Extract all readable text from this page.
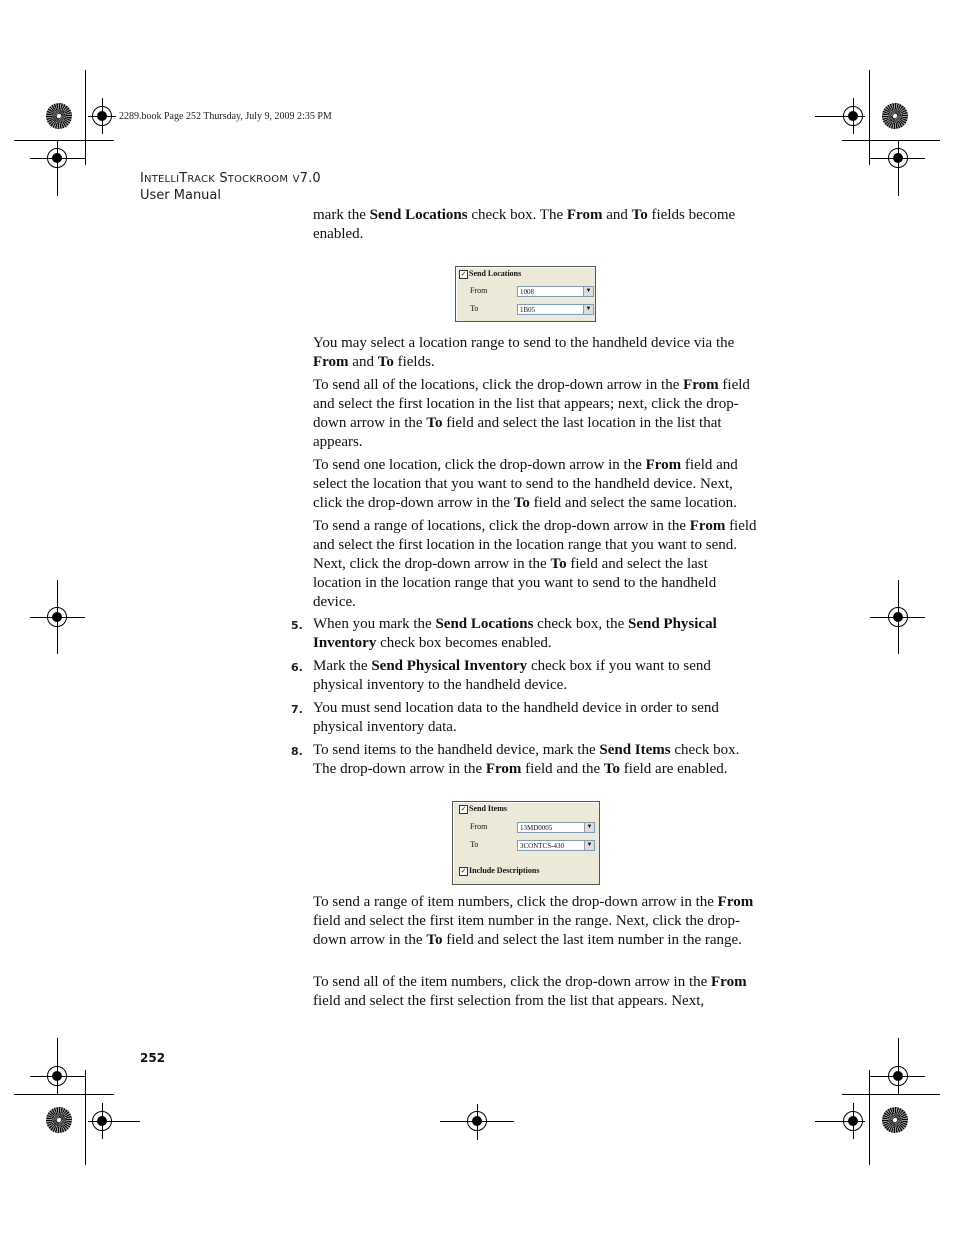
2289.book Page 252 Thursday, July 9, 2009 2:35 PM
INTELLITRACK STOCKROOM V7.0
User Manual
mark the Send Locations check box. The From and To fields become enabled.
✓ Send Locations
From	1008	▼
To	1B05	▼
You may select a location range to send to the handheld device via the From and To fields.
To send all of the locations, click the drop-down arrow in the From field and select the first location in the list that appears; next, click the drop-down arrow in the To field and select the last location in the list that appears.
To send one location, click the drop-down arrow in the From field and select the location that you want to send to the handheld device. Next, click the drop-down arrow in the To field and select the same location.
To send a range of locations, click the drop-down arrow in the From field and select the first location in the location range that you want to send. Next, click the drop-down arrow in the To field and select the last location in the location range that you want to send to the handheld device.
5. When you mark the Send Locations check box, the Send Physical Inventory check box becomes enabled.
6. Mark the Send Physical Inventory check box if you want to send physical inventory to the handheld device.
7. You must send location data to the handheld device in order to send physical inventory data.
8. To send items to the handheld device, mark the Send Items check box. The drop-down arrow in the From field and the To field are enabled.
✓ Send Items
From	13MD0005	▼
To	3CONTCS-430	▼
✓ Include Descriptions
To send a range of item numbers, click the drop-down arrow in the From field and select the first item number in the range. Next, click the drop-down arrow in the To field and select the last item number in the range.
To send all of the item numbers, click the drop-down arrow in the From field and select the first selection from the list that appears. Next,
252
